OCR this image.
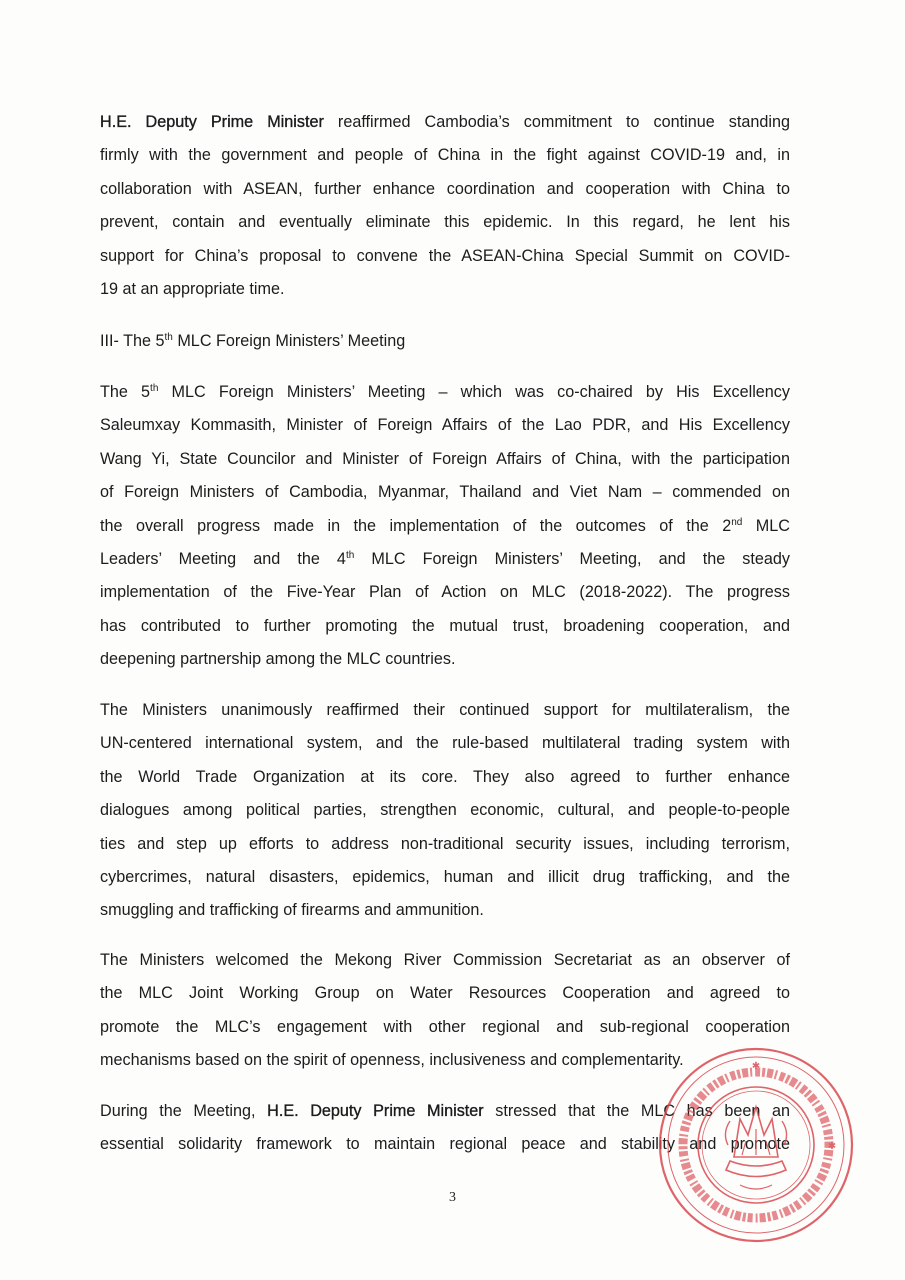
H.E. Deputy Prime Minister reaffirmed Cambodia’s commitment to continue standing
firmly with the government and people of China in the fight against COVID-19 and, in
collaboration with ASEAN, further enhance coordination and cooperation with China to
prevent, contain and eventually eliminate this epidemic. In this regard, he lent his
support for China’s proposal to convene the ASEAN-China Special Summit on COVID-
19 at an appropriate time.

III- The 5th MLC Foreign Ministers’ Meeting

The 5th MLC Foreign Ministers’ Meeting – which was co-chaired by His Excellency
Saleumxay Kommasith, Minister of Foreign Affairs of the Lao PDR, and His Excellency
Wang Yi, State Councilor and Minister of Foreign Affairs of China, with the participation
of Foreign Ministers of Cambodia, Myanmar, Thailand and Viet Nam – commended on
the overall progress made in the implementation of the outcomes of the 2nd MLC
Leaders’ Meeting and the 4th MLC Foreign Ministers’ Meeting, and the steady
implementation of the Five-Year Plan of Action on MLC (2018-2022). The progress
has contributed to further promoting the mutual trust, broadening cooperation, and
deepening partnership among the MLC countries.

The Ministers unanimously reaffirmed their continued support for multilateralism, the
UN-centered international system, and the rule-based multilateral trading system with
the World Trade Organization at its core. They also agreed to further enhance
dialogues among political parties, strengthen economic, cultural, and people-to-people
ties and step up efforts to address non-traditional security issues, including terrorism,
cybercrimes, natural disasters, epidemics, human and illicit drug trafficking, and the
smuggling and trafficking of firearms and ammunition.

The Ministers welcomed the Mekong River Commission Secretariat as an observer of
the MLC Joint Working Group on Water Resources Cooperation and agreed to
promote the MLC’s engagement with other regional and sub-regional cooperation
mechanisms based on the spirit of openness, inclusiveness and complementarity.

During the Meeting, H.E. Deputy Prime Minister stressed that the MLC has been an
essential solidarity framework to maintain regional peace and stability and promote

3
✱
✱
